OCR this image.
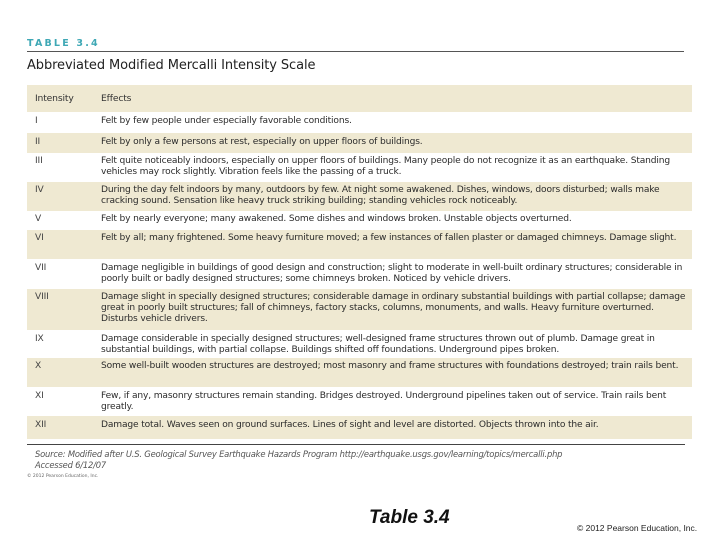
TABLE 3.4
Abbreviated Modified Mercalli Intensity Scale
Intensity	Effects
I	Felt by few people under especially favorable conditions.
II	Felt by only a few persons at rest, especially on upper floors of buildings.
III	Felt quite noticeably indoors, especially on upper floors of buildings. Many people do not recognize it as an earthquake. Standing vehicles may rock slightly. Vibration feels like the passing of a truck.
IV	During the day felt indoors by many, outdoors by few. At night some awakened. Dishes, windows, doors disturbed; walls make cracking sound. Sensation like heavy truck striking building; standing vehicles rock noticeably.
V	Felt by nearly everyone; many awakened. Some dishes and windows broken. Unstable objects overturned.
VI	Felt by all; many frightened. Some heavy furniture moved; a few instances of fallen plaster or damaged chimneys. Damage slight.
VII	Damage negligible in buildings of good design and construction; slight to moderate in well-built ordinary structures; considerable in poorly built or badly designed structures; some chimneys broken. Noticed by vehicle drivers.
VIII	Damage slight in specially designed structures; considerable damage in ordinary substantial buildings with partial collapse; damage great in poorly built structures; fall of chimneys, factory stacks, columns, monuments, and walls. Heavy furniture overturned. Disturbs vehicle drivers.
IX	Damage considerable in specially designed structures; well-designed frame structures thrown out of plumb. Damage great in substantial buildings, with partial collapse. Buildings shifted off foundations. Underground pipes broken.
X	Some well-built wooden structures are destroyed; most masonry and frame structures with foundations destroyed; train rails bent.
XI	Few, if any, masonry structures remain standing. Bridges destroyed. Underground pipelines taken out of service. Train rails bent greatly.
XII	Damage total. Waves seen on ground surfaces. Lines of sight and level are distorted. Objects thrown into the air.
Source: Modified after U.S. Geological Survey Earthquake Hazards Program http://earthquake.usgs.gov/learning/topics/mercalli.php
Accessed 6/12/07
© 2012 Pearson Education, Inc.
Table 3.4	© 2012 Pearson Education, Inc.
